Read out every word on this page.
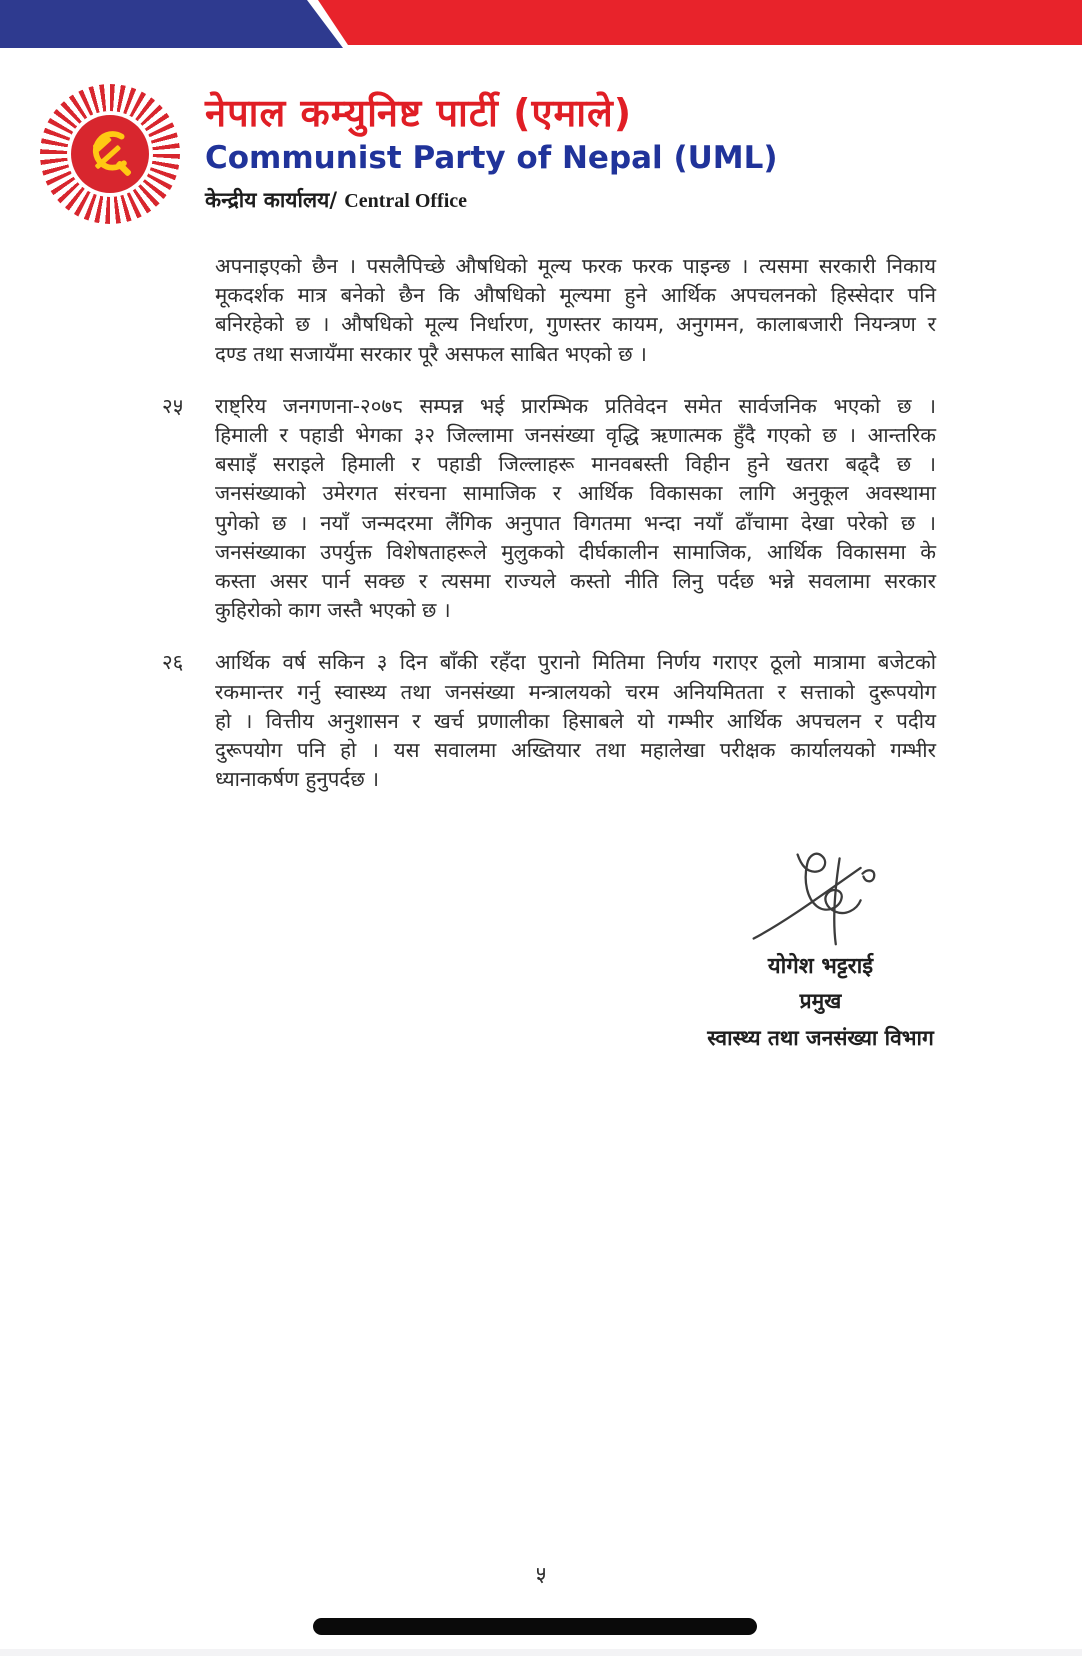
नेपाल कम्युनिष्ट पार्टी (एमाले)
Communist Party of Nepal (UML)
केन्द्रीय कार्यालय/ Central Office
अपनाइएको छैन । पसलैपिच्छे औषधिको मूल्य फरक फरक पाइन्छ । त्यसमा सरकारी निकाय
मूकदर्शक मात्र बनेको छैन कि औषधिको मूल्यमा हुने आर्थिक अपचलनको हिस्सेदार पनि
बनिरहेको छ । औषधिको मूल्य निर्धारण, गुणस्तर कायम, अनुगमन, कालाबजारी नियन्त्रण र
दण्ड तथा सजायँमा सरकार पूरै असफल साबित भएको छ ।
२५	राष्ट्रिय जनगणना-२०७८ सम्पन्न भई प्रारम्भिक प्रतिवेदन समेत सार्वजनिक भएको छ ।
हिमाली र पहाडी भेगका ३२ जिल्लामा जनसंख्या वृद्धि ऋणात्मक हुँदै गएको छ । आन्तरिक
बसाइँ सराइले हिमाली र पहाडी जिल्लाहरू मानवबस्ती विहीन हुने खतरा बढ्दै छ ।
जनसंख्याको उमेरगत संरचना सामाजिक र आर्थिक विकासका लागि अनुकूल अवस्थामा
पुगेको छ । नयाँ जन्मदरमा लैंगिक अनुपात विगतमा भन्दा नयाँ ढाँचामा देखा परेको छ ।
जनसंख्याका उपर्युक्त विशेषताहरूले मुलुकको दीर्घकालीन सामाजिक, आर्थिक विकासमा के
कस्ता असर पार्न सक्छ र त्यसमा राज्यले कस्तो नीति लिनु पर्दछ भन्ने सवलामा सरकार
कुहिरोको काग जस्तै भएको छ ।
२६	आर्थिक वर्ष सकिन ३ दिन बाँकी रहँदा पुरानो मितिमा निर्णय गराएर ठूलो मात्रामा बजेटको
रकमान्तर गर्नु स्वास्थ्य तथा जनसंख्या मन्त्रालयको चरम अनियमितता र सत्ताको दुरूपयोग
हो । वित्तीय अनुशासन र खर्च प्रणालीका हिसाबले यो गम्भीर आर्थिक अपचलन र पदीय
दुरूपयोग पनि हो । यस सवालमा अख्तियार तथा महालेखा परीक्षक कार्यालयको गम्भीर
ध्यानाकर्षण हुनुपर्दछ ।
योगेश भट्टराई
प्रमुख
स्वास्थ्य तथा जनसंख्या विभाग
५
